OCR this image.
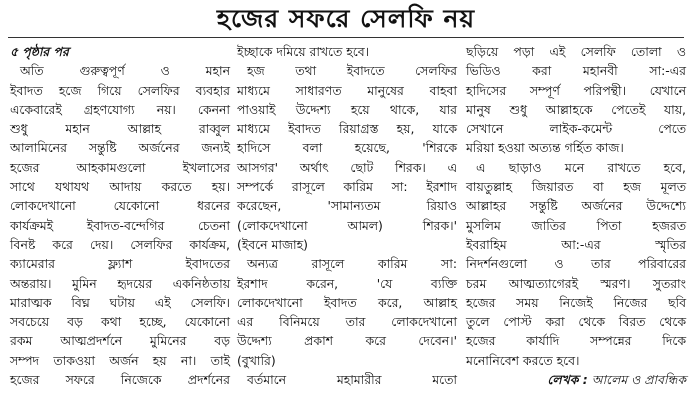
হজের সফরে সেলফি নয়

৫ পৃষ্ঠার পর

অতি গুরুত্বপূর্ণ ও মহান

ইবাদত হজে গিয়ে সেলফির ব্যবহার

একেবারেই গ্রহণযোগ্য নয়। কেননা

শুধু মহান আল্লাহ রাব্বুল

আলামিনের সন্তুষ্টি অর্জনের জন্যই

হজের আহকামগুলো ইখলাসের

সাথে যথাযথ আদায় করতে হয়।

লোকদেখানো যেকোনো ধরনের

কার্যক্রমই ইবাদত-বন্দেগির চেতনা

বিনষ্ট করে দেয়। সেলফির কার্যক্রম,

ক্যামেরার ফ্ল্যাশ ইবাদতের

অন্তরায়। মুমিন হৃদয়ের একনিষ্ঠতায়

মারাত্মক বিঘ্ন ঘটায় এই সেলফি।

সবচেয়ে বড় কথা হচ্ছে, যেকোনো

রকম আত্মপ্রদর্শনে মুমিনের বড়

সম্পদ তাকওয়া অর্জন হয় না। তাই

হজের সফরে নিজেকে প্রদর্শনের

ইচ্ছাকে দমিয়ে রাখতে হবে।

হজ তথা ইবাদতে সেলফির

মাধ্যমে সাধারণত মানুষের বাহবা

পাওয়াই উদ্দেশ্য হয়ে থাকে, যার

মাধ্যমে ইবাদত রিয়াগ্রস্ত হয়, যাকে

হাদিসে বলা হয়েছে, 'শিরকে

আসগর' অর্থাৎ ছোট শিরক। এ

সম্পর্কে রাসূলে কারিম সা: ইরশাদ

করেছেন, 'সামান্যতম রিয়াও

(লোকদেখানো আমল) শিরক।'

(ইবনে মাজাহ)

অন্যত্র রাসূলে কারিম সা:

ইরশাদ করেন, 'যে ব্যক্তি

লোকদেখানো ইবাদত করে, আল্লাহ

এর বিনিময়ে তার লোকদেখানো

উদ্দেশ্য প্রকাশ করে দেবেন।'

(বুখারি)

বর্তমানে মহামারীর মতো

ছড়িয়ে পড়া এই সেলফি তোলা ও

ভিডিও করা মহানবী সা:-এর

হাদিসের সম্পূর্ণ পরিপন্থী। যেখানে

মানুষ শুধু আল্লাহকে পেতেই যায়,

সেখানে লাইক-কমেন্ট পেতে

মরিয়া হওয়া অত্যন্ত গর্হিত কাজ।

এ ছাড়াও মনে রাখতে হবে,

বায়তুল্লাহ জিয়ারত বা হজ মূলত

আল্লাহর সন্তুষ্টি অর্জনের উদ্দেশ্যে

মুসলিম জাতির পিতা হজরত

ইবরাহিম আ:-এর স্মৃতির

নিদর্শনগুলো ও তার পরিবারের

চরম আত্মত্যাগেরই স্মরণ। সুতরাং

হজের সময় নিজেই নিজের ছবি

তুলে পোস্ট করা থেকে বিরত থেকে

হজের কার্যাদি সম্পন্নের দিকে

মনোনিবেশ করতে হবে।

লেখক : আলেম ও প্রাবন্ধিক
